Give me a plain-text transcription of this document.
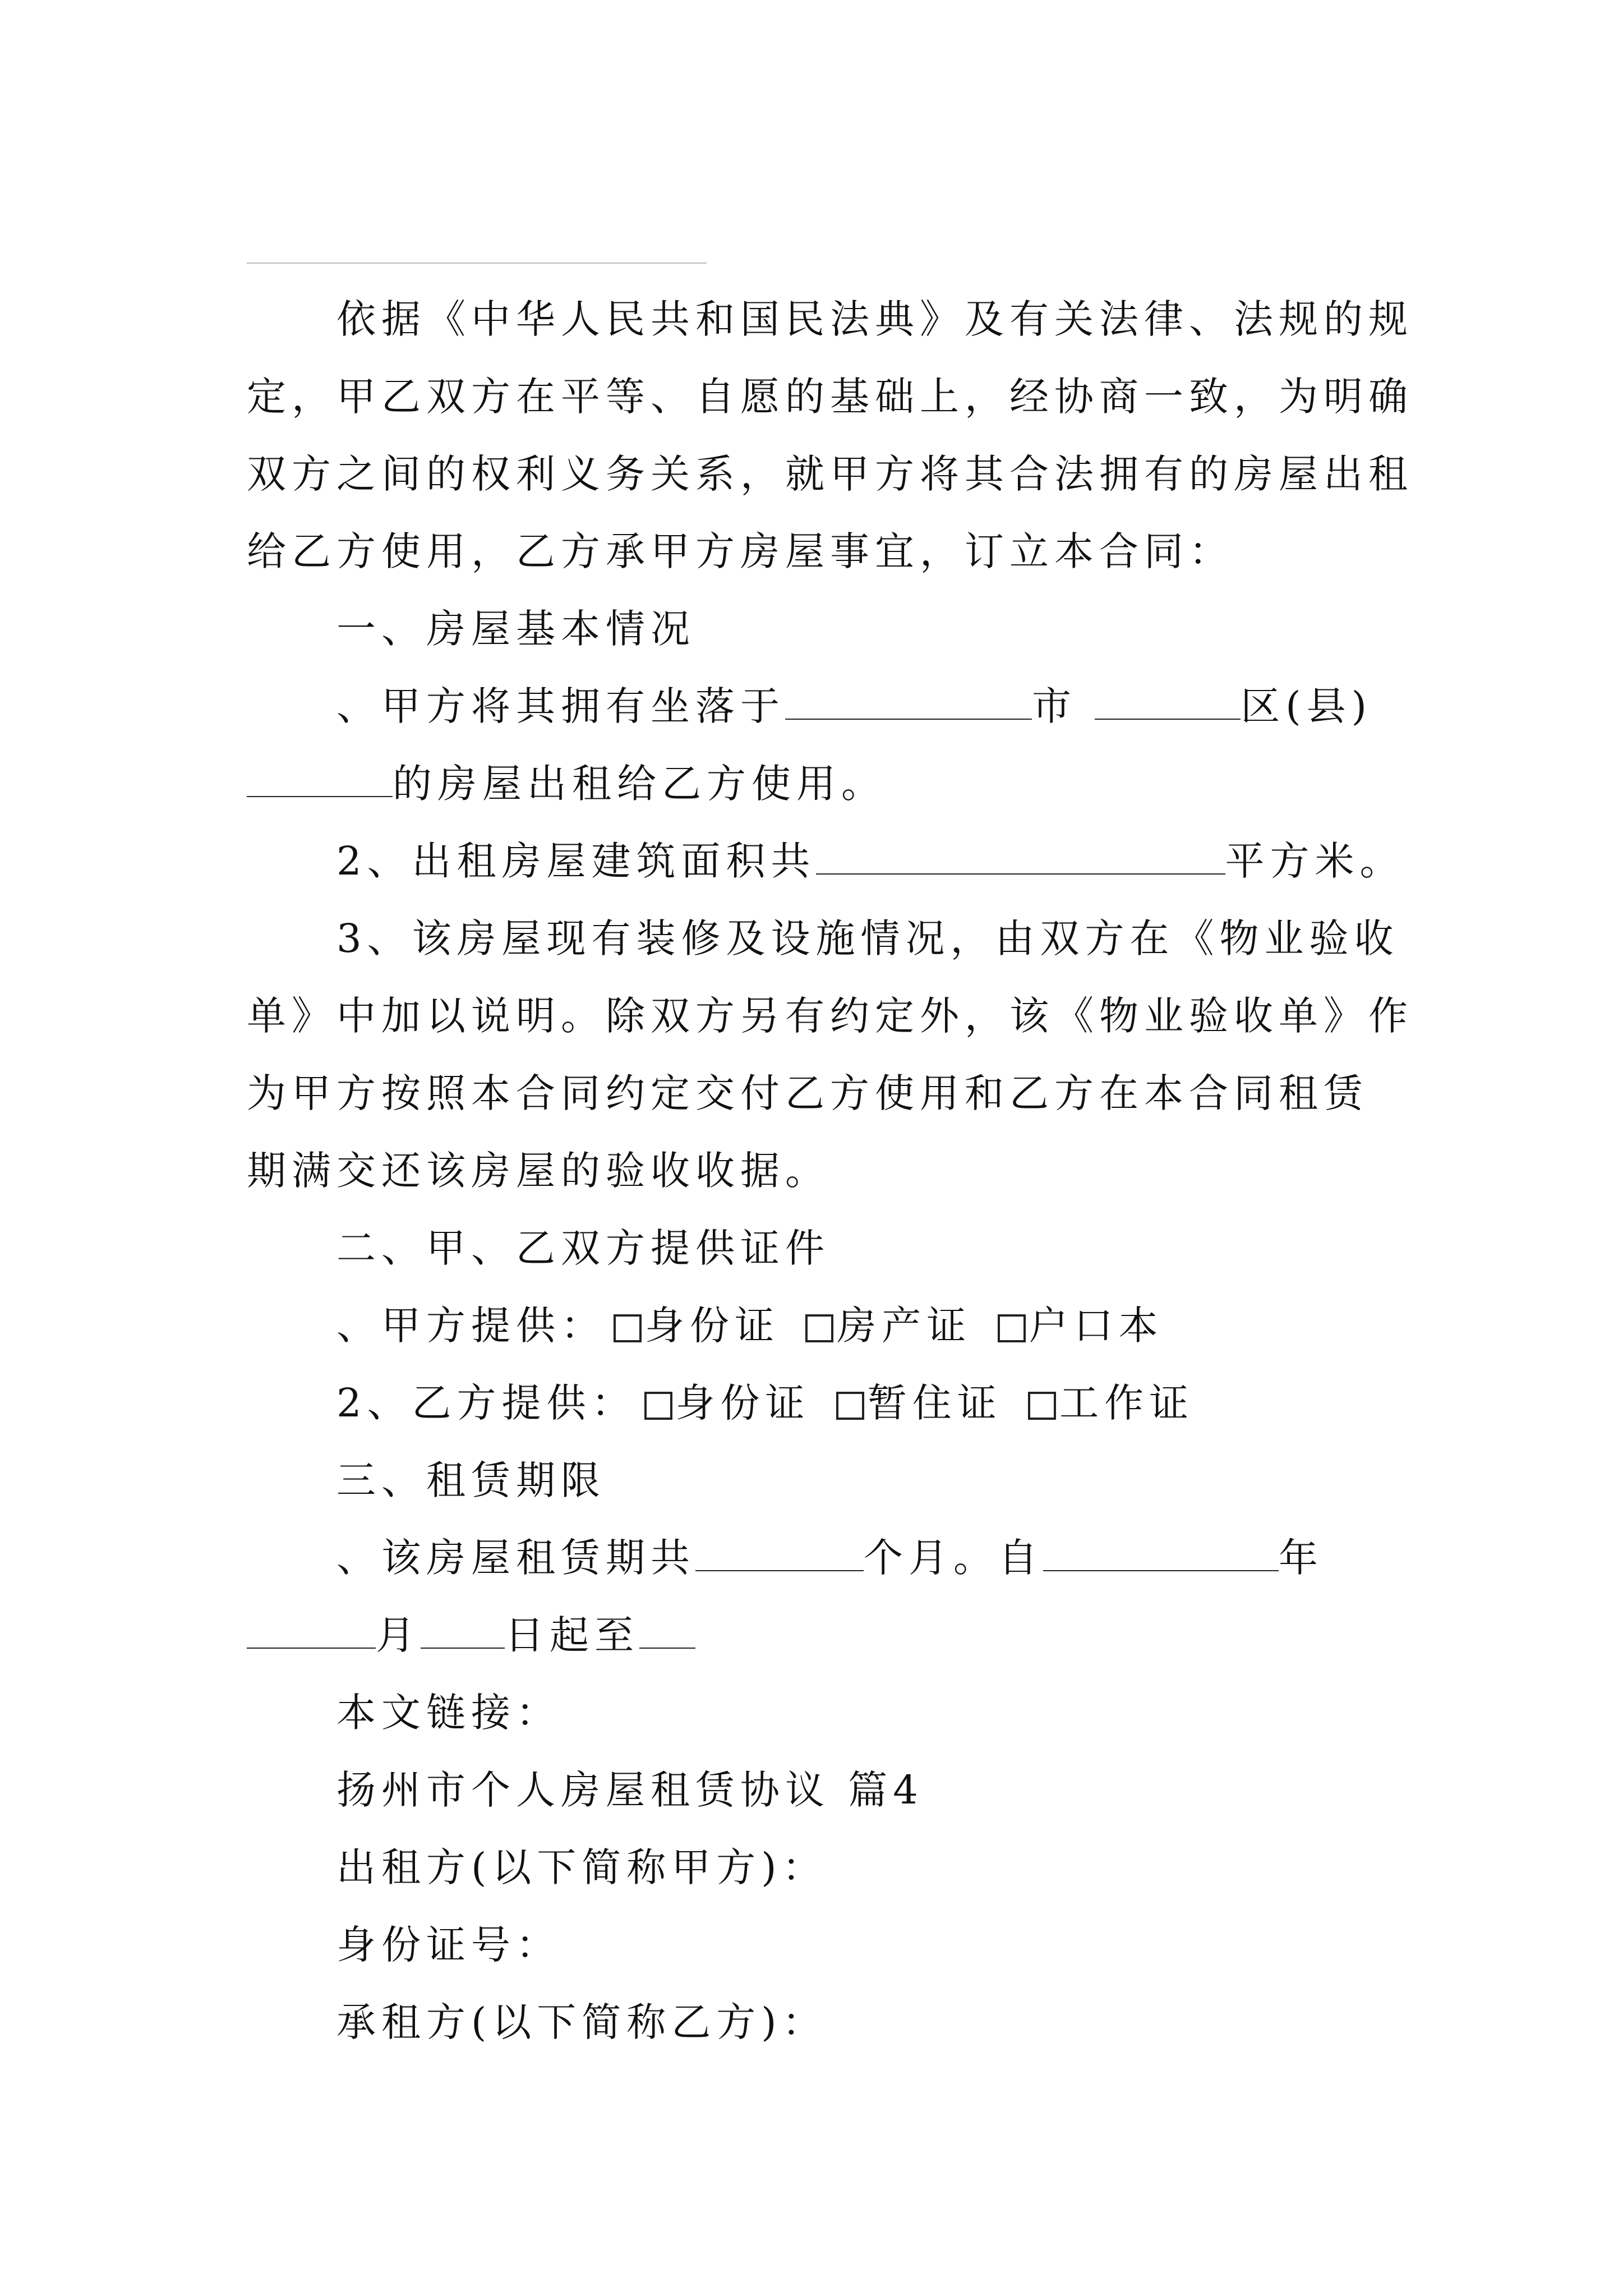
依据《中华人民共和国民法典》及有关法律、法规的规
定，甲乙双方在平等、自愿的基础上，经协商一致，为明确
双方之间的权利义务关系，就甲方将其合法拥有的房屋出租
给乙方使用，乙方承甲方房屋事宜，订立本合同：
一、房屋基本情况
、甲方将其拥有坐落于	市	区(县)
的房屋出租给乙方使用。
2、出租房屋建筑面积共	平方米。
3、该房屋现有装修及设施情况，由双方在《物业验收
单》中加以说明。除双方另有约定外，该《物业验收单》作
为甲方按照本合同约定交付乙方使用和乙方在本合同租赁
期满交还该房屋的验收收据。
二、甲、乙双方提供证件
、甲方提供： 身份证 房产证 户口本
2、乙方提供： 身份证 暂住证 工作证
三、租赁期限
、该房屋租赁期共	个月。自	年
月 日起至
本文链接：
扬州市个人房屋租赁协议 篇4
出租方(以下简称甲方)：
身份证号：
承租方(以下简称乙方)：
